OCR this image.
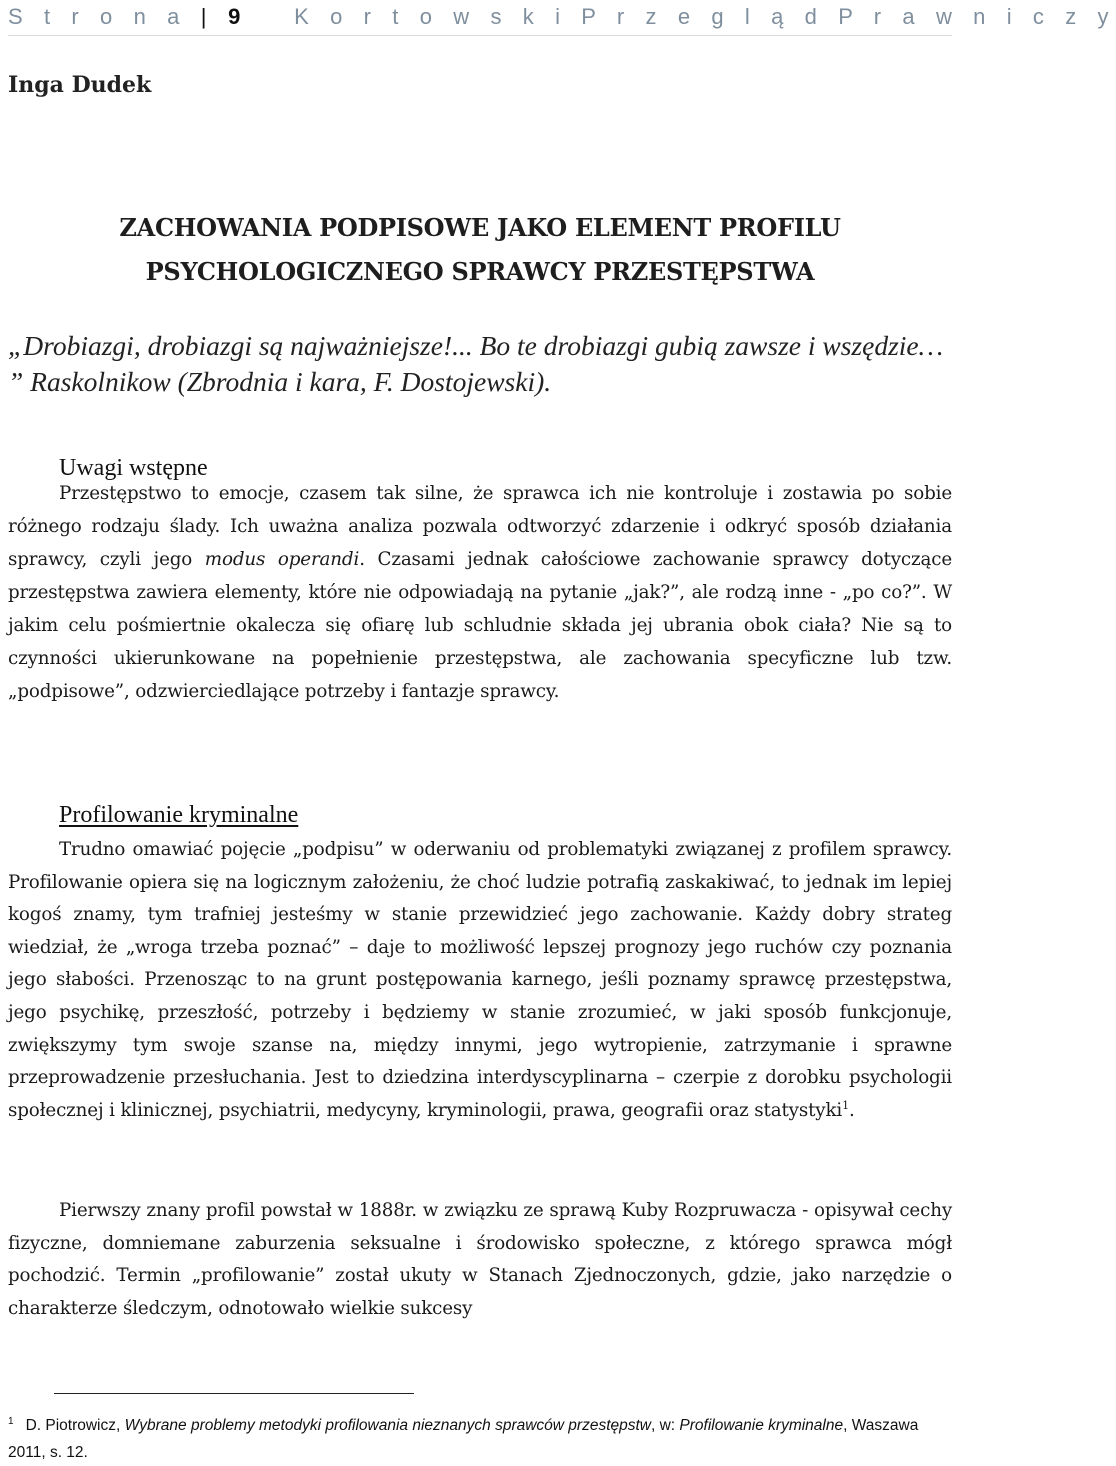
S t r o n a | 9 K o r t o w s k i P r z e g l ą d P r a w n i c z y
Inga Dudek
ZACHOWANIA PODPISOWE JAKO ELEMENT PROFILU
PSYCHOLOGICZNEGO SPRAWCY PRZESTĘPSTWA
„Drobiazgi, drobiazgi są najważniejsze!... Bo te drobiazgi gubią zawsze i wszędzie… ” Raskolnikow (Zbrodnia i kara, F. Dostojewski).
Uwagi wstępne
Przestępstwo to emocje, czasem tak silne, że sprawca ich nie kontroluje i zostawia po sobie różnego rodzaju ślady. Ich uważna analiza pozwala odtworzyć zdarzenie i odkryć sposób działania sprawcy, czyli jego modus operandi. Czasami jednak całościowe zachowanie sprawcy dotyczące przestępstwa zawiera elementy, które nie odpowiadają na pytanie „jak?”, ale rodzą inne - „po co?”. W jakim celu pośmiertnie okalecza się ofiarę lub schludnie składa jej ubrania obok ciała? Nie są to czynności ukierunkowane na popełnienie przestępstwa, ale zachowania specyficzne lub tzw. „podpisowe”, odzwierciedlające potrzeby i fantazje sprawcy.
Profilowanie kryminalne
Trudno omawiać pojęcie „podpisu” w oderwaniu od problematyki związanej z profilem sprawcy. Profilowanie opiera się na logicznym założeniu, że choć ludzie potrafią zaskakiwać, to jednak im lepiej kogoś znamy, tym trafniej jesteśmy w stanie przewidzieć jego zachowanie. Każdy dobry strateg wiedział, że „wroga trzeba poznać” – daje to możliwość lepszej prognozy jego ruchów czy poznania jego słabości. Przenosząc to na grunt postępowania karnego, jeśli poznamy sprawcę przestępstwa, jego psychikę, przeszłość, potrzeby i będziemy w stanie zrozumieć, w jaki sposób funkcjonuje, zwiększymy tym swoje szanse na, między innymi, jego wytropienie, zatrzymanie i sprawne przeprowadzenie przesłuchania. Jest to dziedzina interdyscyplinarna – czerpie z dorobku psychologii społecznej i klinicznej, psychiatrii, medycyny, kryminologii, prawa, geografii oraz statystyki$^1$.
Pierwszy znany profil powstał w 1888r. w związku ze sprawą Kuby Rozpruwacza - opisywał cechy fizyczne, domniemane zaburzenia seksualne i środowisko społeczne, z którego sprawca mógł pochodzić. Termin „profilowanie” został ukuty w Stanach Zjednoczonych, gdzie, jako narzędzie o charakterze śledczym, odnotowało wielkie sukcesy
$^1$ D. Piotrowicz, Wybrane problemy metodyki profilowania nieznanych sprawców przestępstw, w: Profilowanie kryminalne, Waszawa 2011, s. 12.
